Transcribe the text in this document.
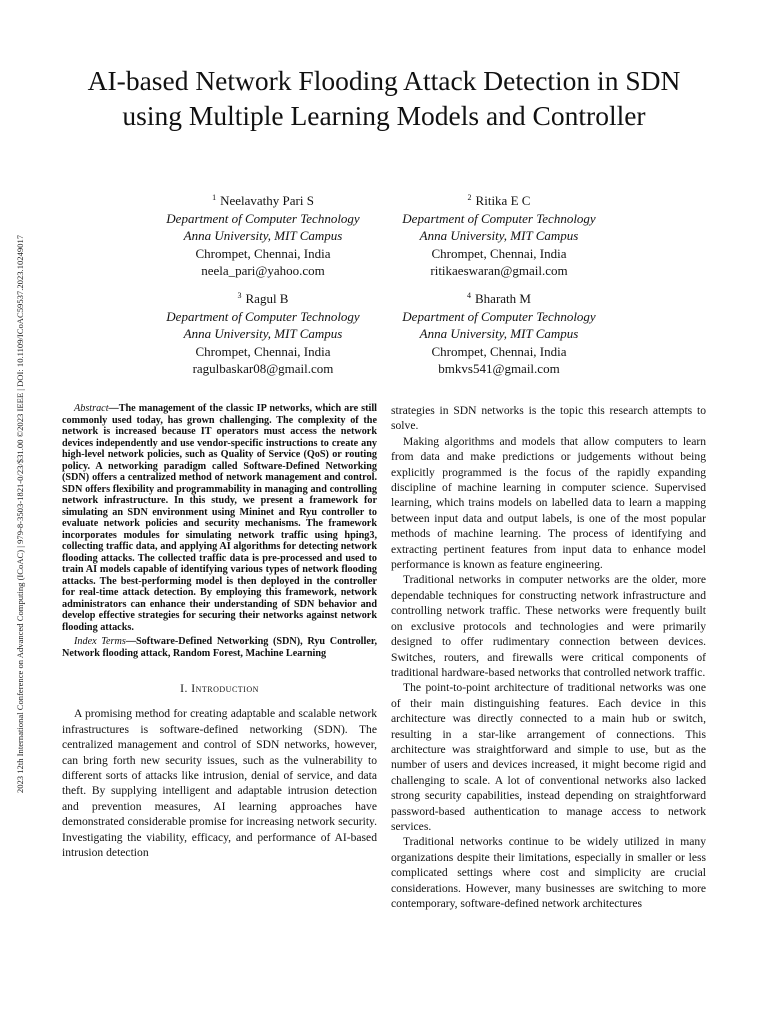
2023 12th International Conference on Advanced Computing (ICoAC) | 979-8-3503-1821-0/23/$31.00 ©2023 IEEE | DOI: 10.1109/ICoAC59537.2023.10249017
AI-based Network Flooding Attack Detection in SDN using Multiple Learning Models and Controller
$^1$ Neelavathy Pari S
Department of Computer Technology
Anna University, MIT Campus
Chrompet, Chennai, India
neela_pari@yahoo.com
$^2$ Ritika E C
Department of Computer Technology
Anna University, MIT Campus
Chrompet, Chennai, India
ritikaeswaran@gmail.com
$^3$ Ragul B
Department of Computer Technology
Anna University, MIT Campus
Chrompet, Chennai, India
ragulbaskar08@gmail.com
$^4$ Bharath M
Department of Computer Technology
Anna University, MIT Campus
Chrompet, Chennai, India
bmkvs541@gmail.com

Abstract—The management of the classic IP networks, which are still commonly used today, has grown challenging. The complexity of the network is increased because IT operators must access the network devices independently and use vendor-specific instructions to create any high-level network policies, such as Quality of Service (QoS) or routing policy. A networking paradigm called Software-Defined Networking (SDN) offers a centralized method of network management and control. SDN offers flexibility and programmability in managing and controlling network infrastructure. In this study, we present a framework for simulating an SDN environment using Mininet and Ryu controller to evaluate network policies and security mechanisms. The framework incorporates modules for simulating network traffic using hping3, collecting traffic data, and applying AI algorithms for detecting network flooding attacks. The collected traffic data is pre-processed and used to train AI models capable of identifying various types of network flooding attacks. The best-performing model is then deployed in the controller for real-time attack detection. By employing this framework, network administrators can enhance their understanding of SDN behavior and develop effective strategies for securing their networks against network flooding attacks.

Index Terms—Software-Defined Networking (SDN), Ryu Controller, Network flooding attack, Random Forest, Machine Learning

I. Introduction

A promising method for creating adaptable and scalable network infrastructures is software-defined networking (SDN). The centralized management and control of SDN networks, however, can bring forth new security issues, such as the vulnerability to different sorts of attacks like intrusion, denial of service, and data theft. By supplying intelligent and adaptable intrusion detection and prevention measures, AI learning approaches have demonstrated considerable promise for increasing network security. Investigating the viability, efficacy, and performance of AI-based intrusion detection

strategies in SDN networks is the topic this research attempts to solve.

Making algorithms and models that allow computers to learn from data and make predictions or judgements without being explicitly programmed is the focus of the rapidly expanding discipline of machine learning in computer science. Supervised learning, which trains models on labelled data to learn a mapping between input data and output labels, is one of the most popular methods of machine learning. The process of identifying and extracting pertinent features from input data to enhance model performance is known as feature engineering.

Traditional networks in computer networks are the older, more dependable techniques for constructing network infrastructure and controlling network traffic. These networks were frequently built on exclusive protocols and technologies and were primarily designed to offer rudimentary connection between devices. Switches, routers, and firewalls were critical components of traditional hardware-based networks that controlled network traffic.

The point-to-point architecture of traditional networks was one of their main distinguishing features. Each device in this architecture was directly connected to a main hub or switch, resulting in a star-like arrangement of connections. This architecture was straightforward and simple to use, but as the number of users and devices increased, it might become rigid and challenging to scale. A lot of conventional networks also lacked strong security capabilities, instead depending on straightforward password-based authentication to manage access to network services.

Traditional networks continue to be widely utilized in many organizations despite their limitations, especially in smaller or less complicated settings where cost and simplicity are crucial considerations. However, many businesses are switching to more contemporary, software-defined network architectures
